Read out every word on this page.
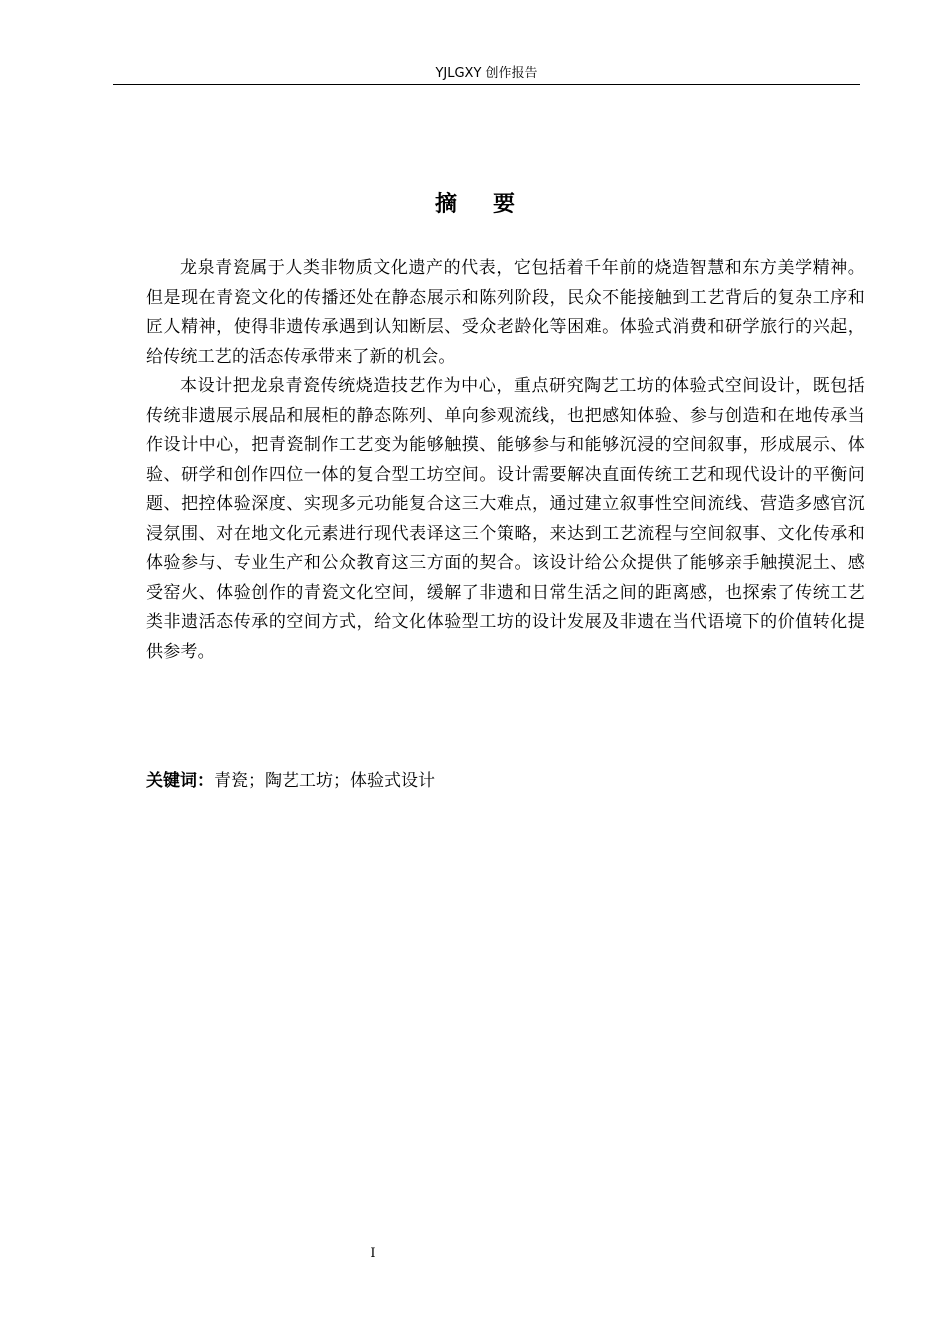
YJLGXY 创作报告
摘要

龙泉青瓷属于人类非物质文化遗产的代表，它包括着千年前的烧造智慧和东方美学精神。但是现在青瓷文化的传播还处在静态展示和陈列阶段，民众不能接触到工艺背后的复杂工序和匠人精神，使得非遗传承遇到认知断层、受众老龄化等困难。体验式消费和研学旅行的兴起，给传统工艺的活态传承带来了新的机会。

本设计把龙泉青瓷传统烧造技艺作为中心，重点研究陶艺工坊的体验式空间设计，既包括传统非遗展示展品和展柜的静态陈列、单向参观流线，也把感知体验、参与创造和在地传承当作设计中心，把青瓷制作工艺变为能够触摸、能够参与和能够沉浸的空间叙事，形成展示、体验、研学和创作四位一体的复合型工坊空间。设计需要解决直面传统工艺和现代设计的平衡问题、把控体验深度、实现多元功能复合这三大难点，通过建立叙事性空间流线、营造多感官沉浸氛围、对在地文化元素进行现代表译这三个策略，来达到工艺流程与空间叙事、文化传承和体验参与、专业生产和公众教育这三方面的契合。该设计给公众提供了能够亲手触摸泥土、感受窑火、体验创作的青瓷文化空间，缓解了非遗和日常生活之间的距离感，也探索了传统工艺类非遗活态传承的空间方式，给文化体验型工坊的设计发展及非遗在当代语境下的价值转化提供参考。

关键词：青瓷；陶艺工坊；体验式设计
I
